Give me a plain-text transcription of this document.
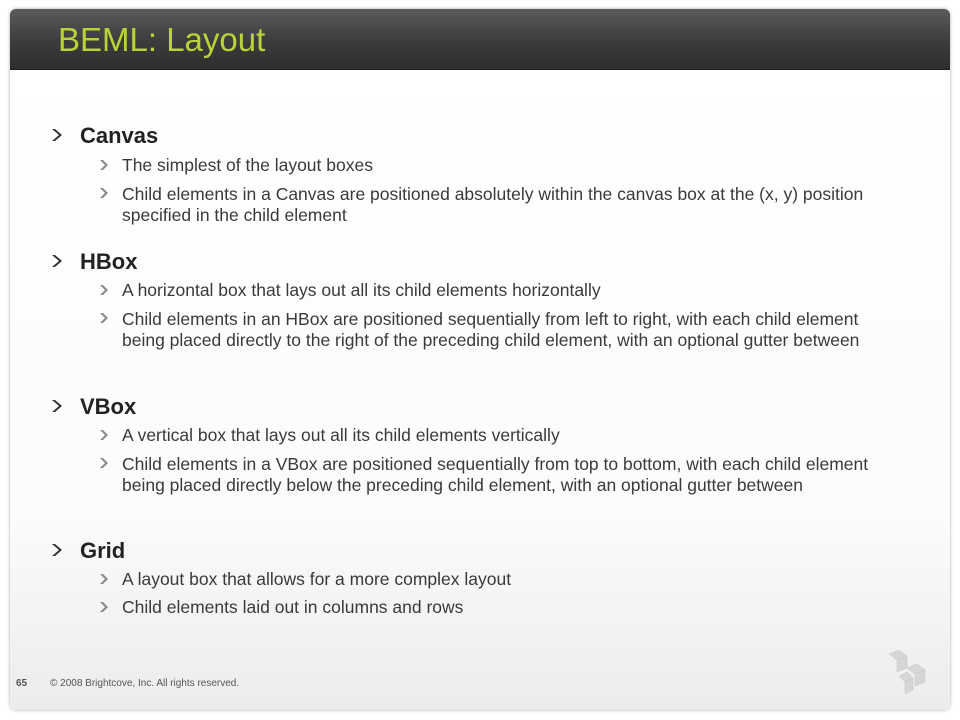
BEML: Layout
Canvas
The simplest of the layout boxes
Child elements in a Canvas are positioned absolutely within the canvas box at the (x, y) position specified in the child element
HBox
A horizontal box that lays out all its child elements horizontally
Child elements in an HBox are positioned sequentially from left to right, with each child element being placed directly to the right of the preceding child element, with an optional gutter between
VBox
A vertical box that lays out all its child elements vertically
Child elements in a VBox are positioned sequentially from top to bottom, with each child element being placed directly below the preceding child element, with an optional gutter between
Grid
A layout box that allows for a more complex layout
Child elements laid out in columns and rows
65 © 2008 Brightcove, Inc. All rights reserved.
